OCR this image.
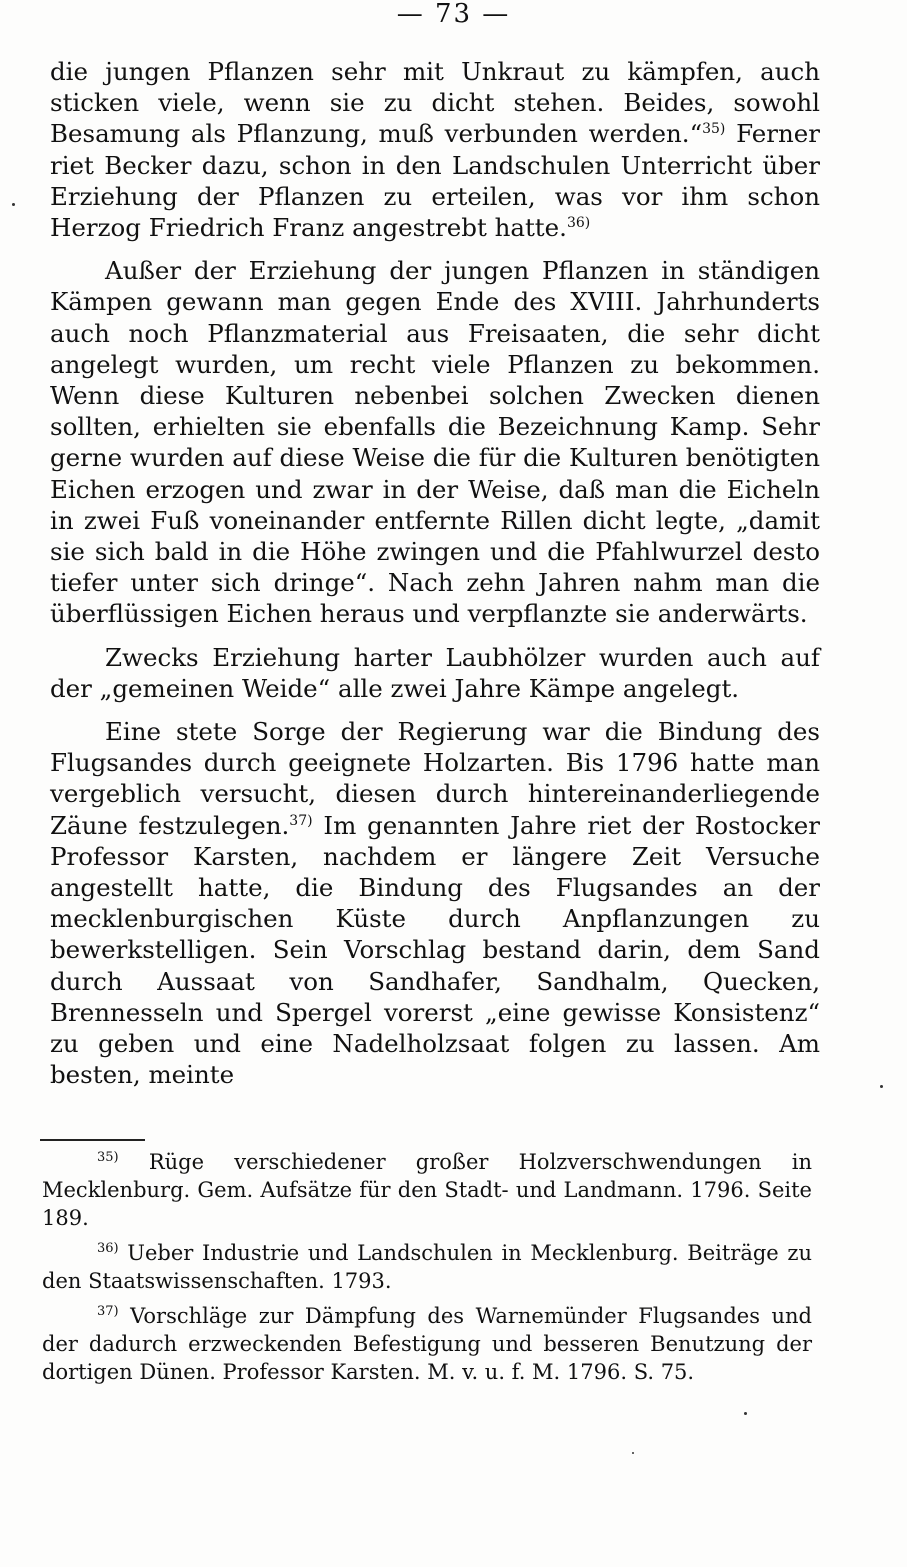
— 73 —

die jungen Pflanzen sehr mit Unkraut zu kämpfen, auch sticken viele, wenn sie zu dicht stehen. Beides, sowohl Besamung als Pflanzung, muß verbunden werden.“$^{35)}$ Ferner riet Becker dazu, schon in den Landschulen Unterricht über Erziehung der Pflanzen zu erteilen, was vor ihm schon Herzog Friedrich Franz angestrebt hatte.$^{36)}$

Außer der Erziehung der jungen Pflanzen in ständigen Kämpen gewann man gegen Ende des XVIII. Jahrhunderts auch noch Pflanzmaterial aus Freisaaten, die sehr dicht angelegt wurden, um recht viele Pflanzen zu bekommen. Wenn diese Kulturen nebenbei solchen Zwecken dienen sollten, erhielten sie ebenfalls die Bezeichnung Kamp. Sehr gerne wurden auf diese Weise die für die Kulturen benötigten Eichen erzogen und zwar in der Weise, daß man die Eicheln in zwei Fuß voneinander entfernte Rillen dicht legte, „damit sie sich bald in die Höhe zwingen und die Pfahlwurzel desto tiefer unter sich dringe“. Nach zehn Jahren nahm man die überflüssigen Eichen heraus und verpflanzte sie anderwärts.

Zwecks Erziehung harter Laubhölzer wurden auch auf der „gemeinen Weide“ alle zwei Jahre Kämpe angelegt.

Eine stete Sorge der Regierung war die Bindung des Flugsandes durch geeignete Holzarten. Bis 1796 hatte man vergeblich versucht, diesen durch hintereinanderliegende Zäune festzulegen.$^{37)}$ Im genannten Jahre riet der Rostocker Professor Karsten, nachdem er längere Zeit Versuche angestellt hatte, die Bindung des Flugsandes an der mecklenburgischen Küste durch Anpflanzungen zu bewerkstelligen. Sein Vorschlag bestand darin, dem Sand durch Aussaat von Sandhafer, Sandhalm, Quecken, Brennesseln und Spergel vorerst „eine gewisse Konsistenz“ zu geben und eine Nadelholzsaat folgen zu lassen. Am besten, meinte

$^{35)}$ Rüge verschiedener großer Holzverschwendungen in Mecklenburg. Gem. Aufsätze für den Stadt- und Landmann. 1796. Seite 189.

$^{36)}$ Ueber Industrie und Landschulen in Mecklenburg. Beiträge zu den Staatswissenschaften. 1793.

$^{37)}$ Vorschläge zur Dämpfung des Warnemünder Flugsandes und der dadurch erzweckenden Befestigung und besseren Benutzung der dortigen Dünen. Professor Karsten. M. v. u. f. M. 1796. S. 75.
